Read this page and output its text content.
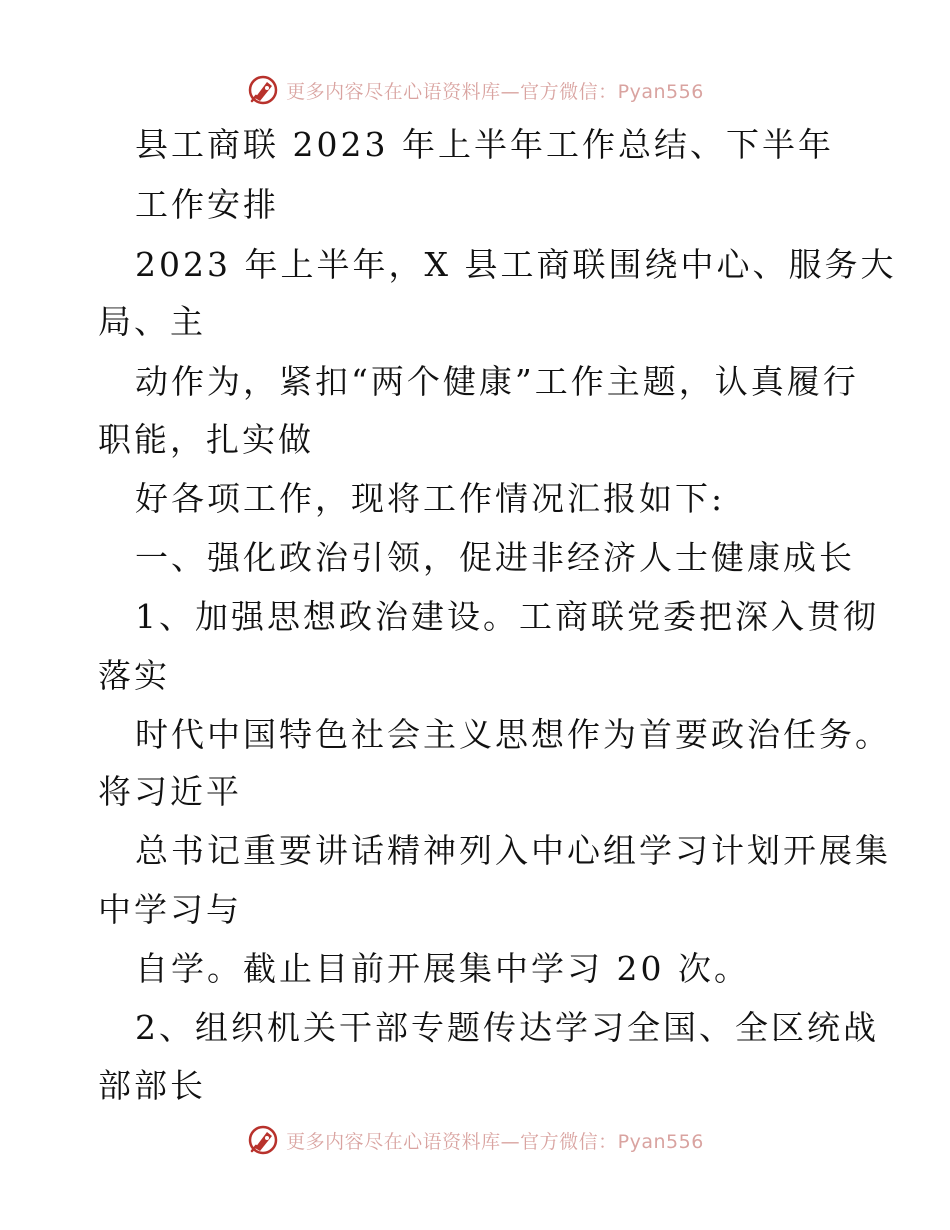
更多内容尽在心语资料库—官方微信：Pyan556
县工商联 2023 年上半年工作总结、下半年
工作安排
2023 年上半年，X 县工商联围绕中心、服务大
局、主
动作为，紧扣“两个健康”工作主题，认真履行
职能，扎实做
好各项工作，现将工作情况汇报如下:
一、强化政治引领，促进非经济人士健康成长
1、加强思想政治建设。工商联党委把深入贯彻
落实
时代中国特色社会主义思想作为首要政治任务。
将习近平
总书记重要讲话精神列入中心组学习计划开展集
中学习与
自学。截止目前开展集中学习 20 次。
2、组织机关干部专题传达学习全国、全区统战
部部长
更多内容尽在心语资料库—官方微信：Pyan556
